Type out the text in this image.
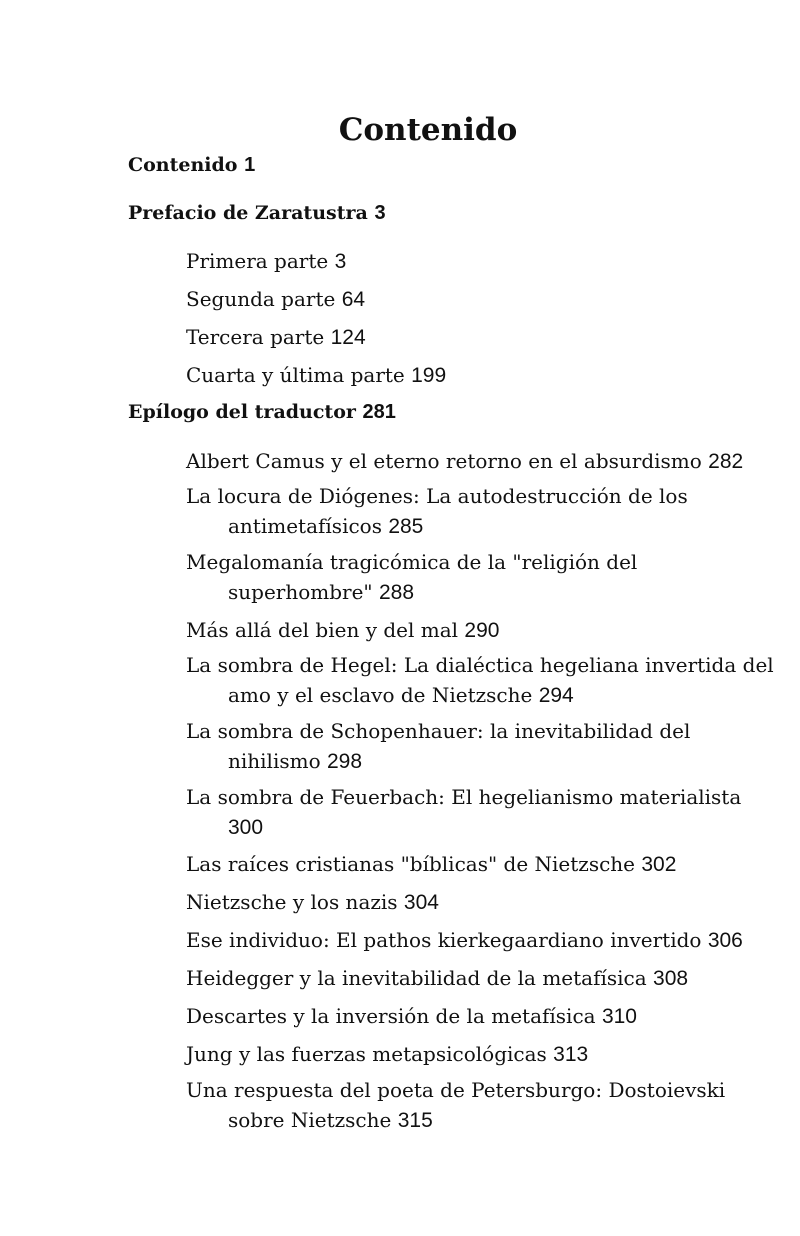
Contenido
Contenido 1
Prefacio de Zaratustra 3
Primera parte 3
Segunda parte 64
Tercera parte 124
Cuarta y última parte 199
Epílogo del traductor 281
Albert Camus y el eterno retorno en el absurdismo 282
La locura de Diógenes: La autodestrucción de los
antimetafísicos 285
Megalomanía tragicómica de la "religión del
superhombre" 288
Más allá del bien y del mal 290
La sombra de Hegel: La dialéctica hegeliana invertida del
amo y el esclavo de Nietzsche 294
La sombra de Schopenhauer: la inevitabilidad del
nihilismo 298
La sombra de Feuerbach: El hegelianismo materialista
300
Las raíces cristianas "bíblicas" de Nietzsche 302
Nietzsche y los nazis 304
Ese individuo: El pathos kierkegaardiano invertido 306
Heidegger y la inevitabilidad de la metafísica 308
Descartes y la inversión de la metafísica 310
Jung y las fuerzas metapsicológicas 313
Una respuesta del poeta de Petersburgo: Dostoievski
sobre Nietzsche 315
